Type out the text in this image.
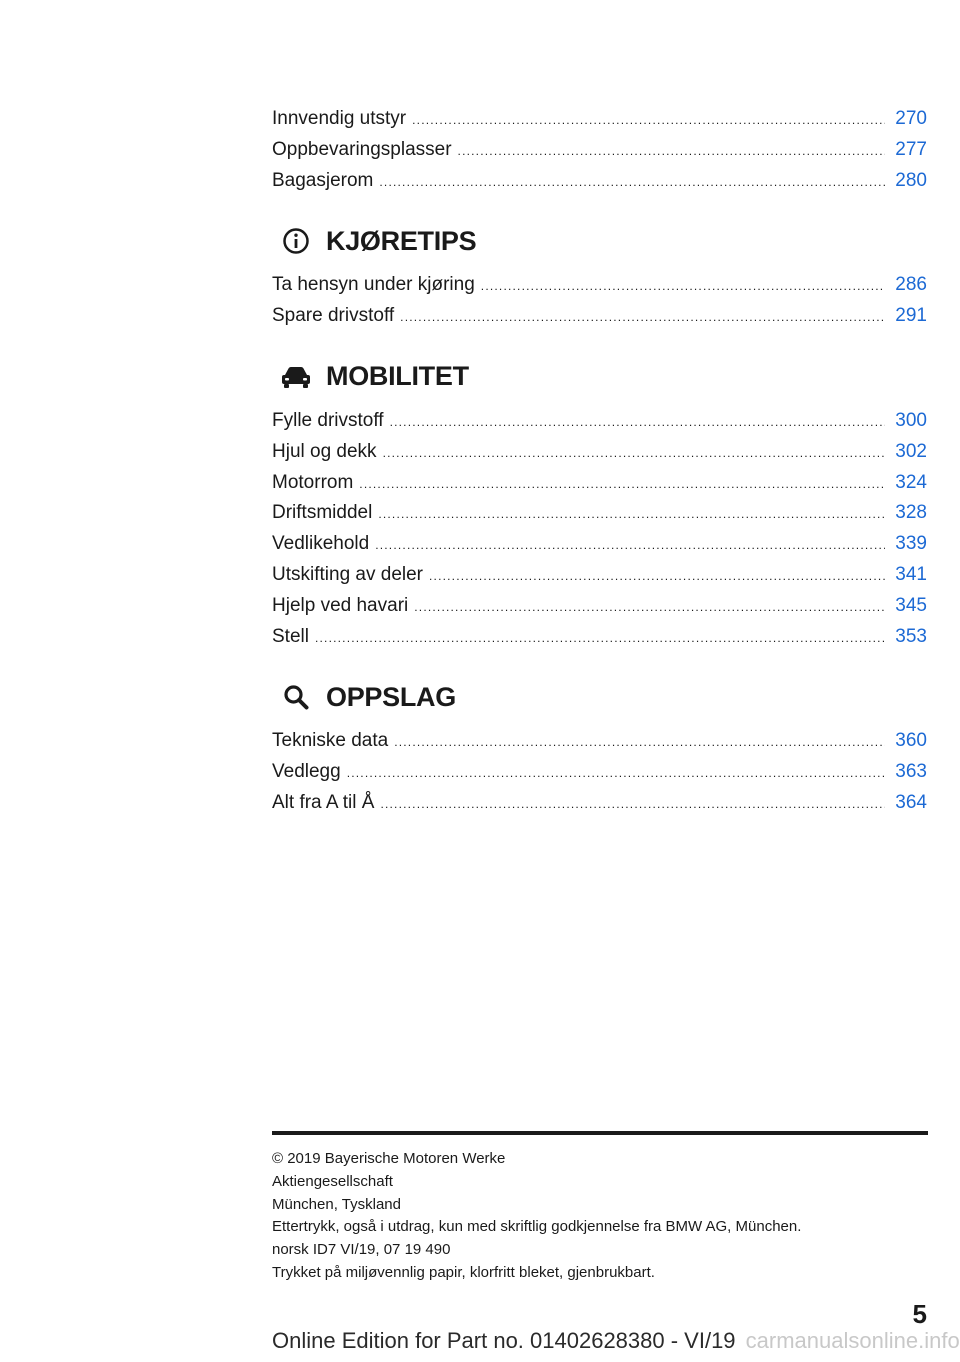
Innvendig utstyr .....	270
Oppbevaringsplasser .....	277
Bagasjerom .....	280
KJØRETIPS
Ta hensyn under kjøring .....	286
Spare drivstoff .....	291
MOBILITET
Fylle drivstoff .....	300
Hjul og dekk .....	302
Motorrom .....	324
Driftsmiddel .....	328
Vedlikehold .....	339
Utskifting av deler .....	341
Hjelp ved havari .....	345
Stell .....	353
OPPSLAG
Tekniske data .....	360
Vedlegg .....	363
Alt fra A til Å .....	364
© 2019 Bayerische Motoren Werke
Aktiengesellschaft
München, Tyskland
Ettertrykk, også i utdrag, kun med skriftlig godkjennelse fra BMW AG, München.
norsk ID7 VI/19, 07 19 490
Trykket på miljøvennlig papir, klorfritt bleket, gjenbrukbart.
5
Online Edition for Part no. 01402628380 - VI/19 carmanualsonline.info
